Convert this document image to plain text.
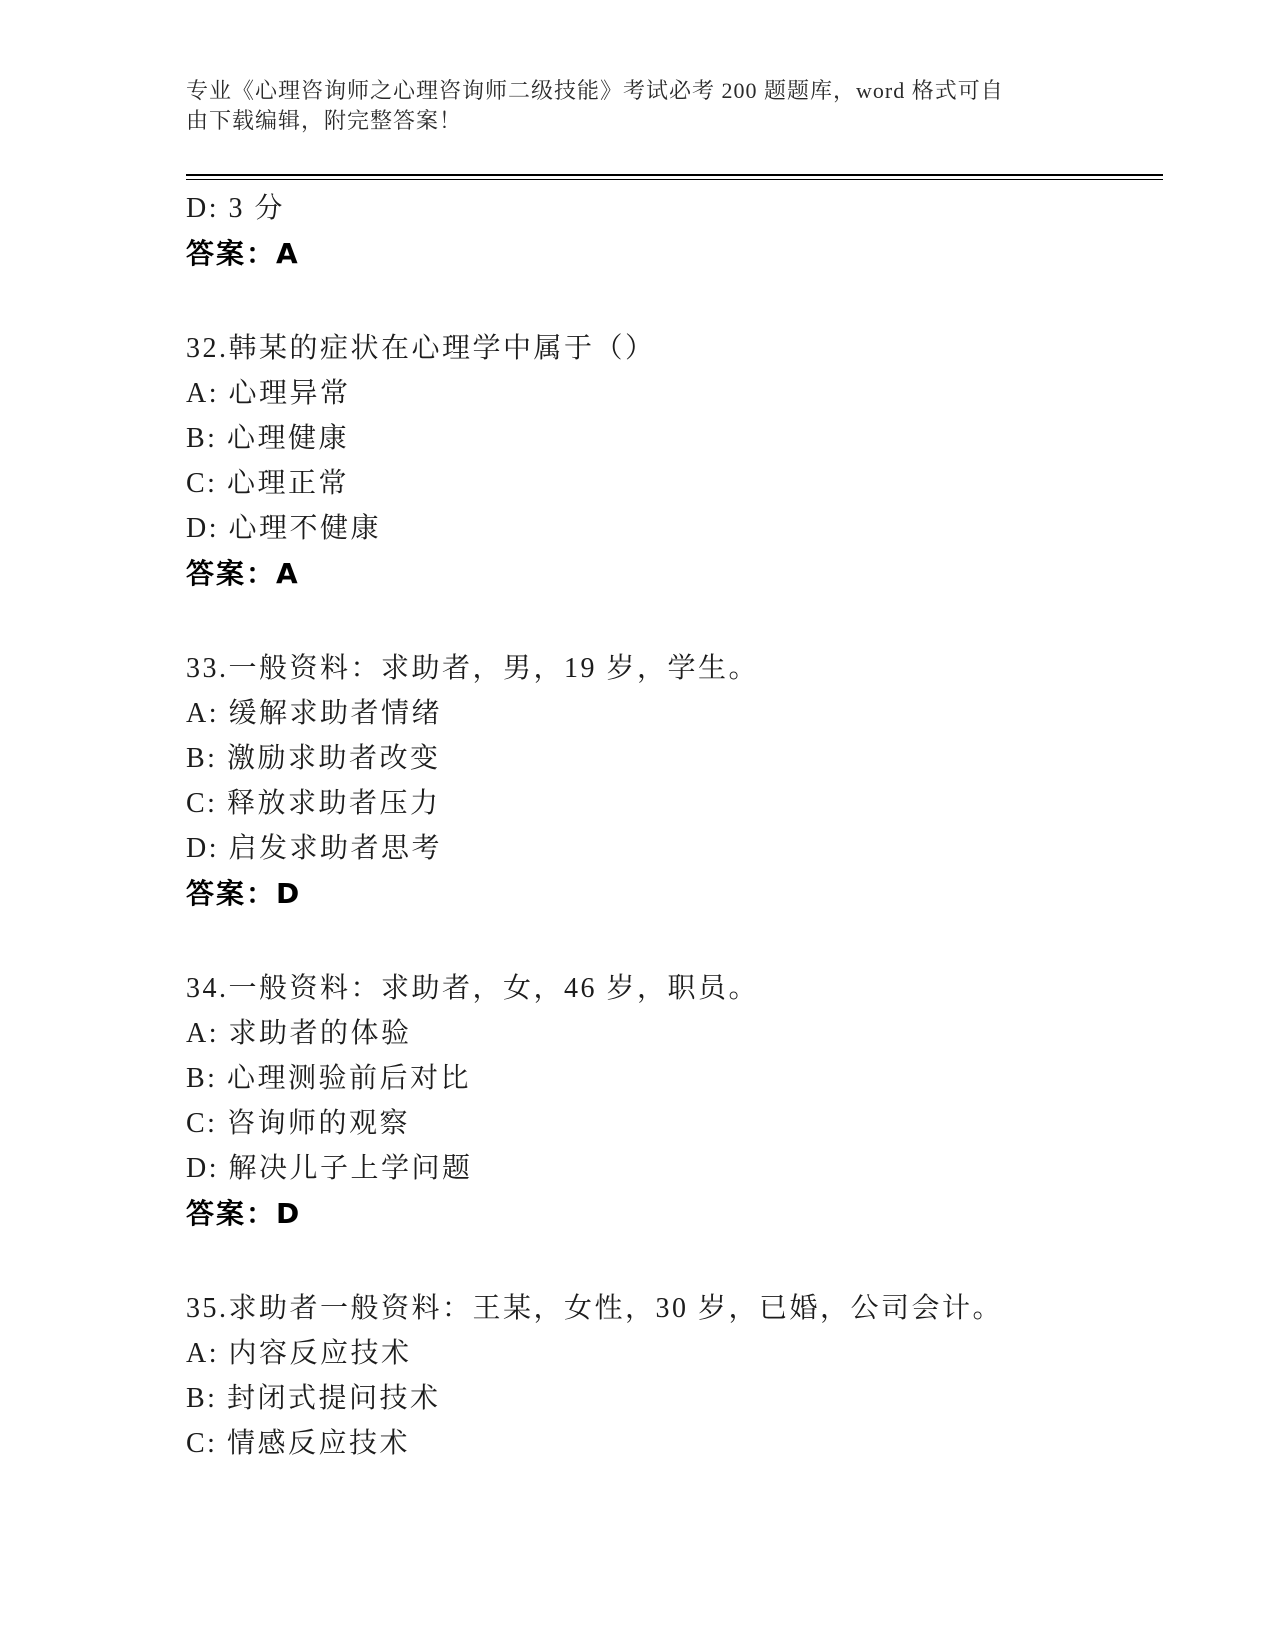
专业《心理咨询师之心理咨询师二级技能》考试必考 200 题题库，word 格式可自

由下载编辑，附完整答案！

D: 3 分

答案：A

32.韩某的症状在心理学中属于（）

A: 心理异常

B: 心理健康

C: 心理正常

D: 心理不健康

答案：A

33.一般资料：求助者，男，19 岁，学生。

A: 缓解求助者情绪

B: 激励求助者改变

C: 释放求助者压力

D: 启发求助者思考

答案：D

34.一般资料：求助者，女，46 岁，职员。

A: 求助者的体验

B: 心理测验前后对比

C: 咨询师的观察

D: 解决儿子上学问题

答案：D

35.求助者一般资料：王某，女性，30 岁，已婚，公司会计。

A: 内容反应技术

B: 封闭式提问技术

C: 情感反应技术
